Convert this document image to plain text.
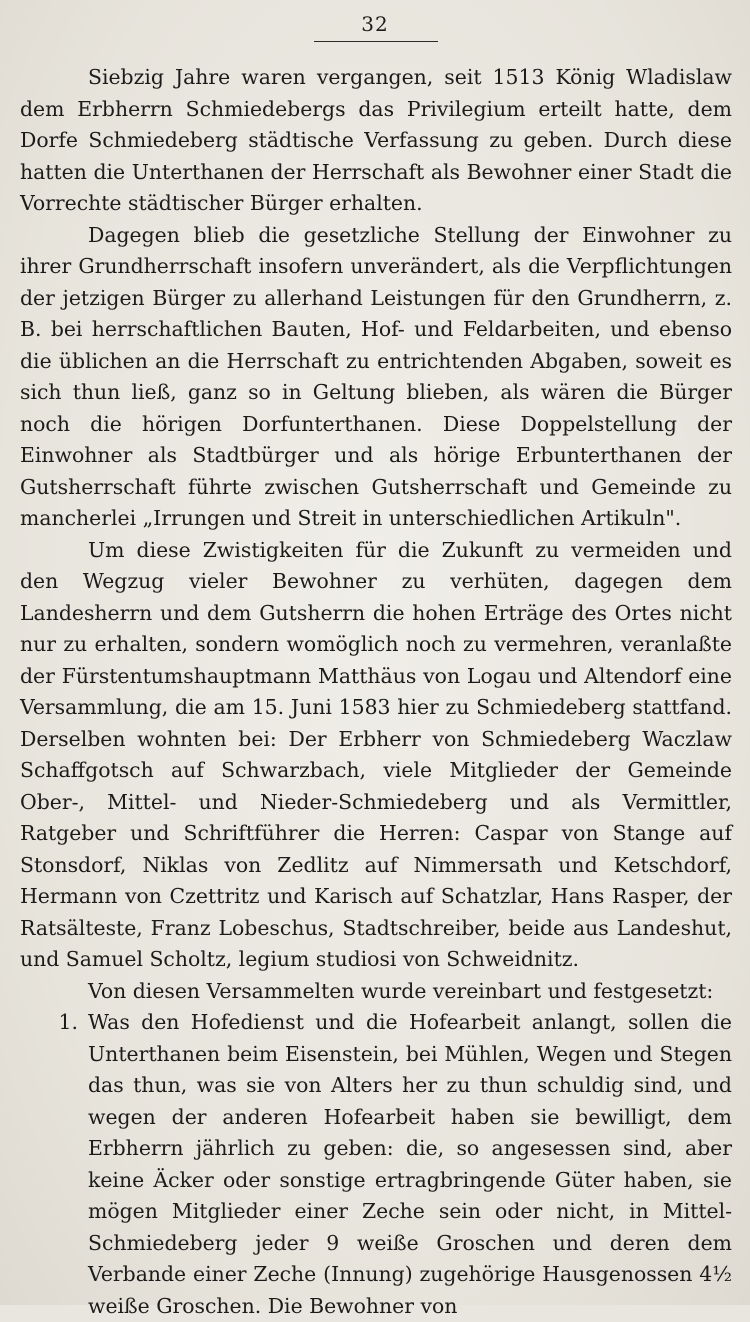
32

Siebzig Jahre waren vergangen, seit 1513 König Wladislaw dem Erbherrn Schmiedebergs das Privilegium erteilt hatte, dem Dorfe Schmiedeberg städtische Verfassung zu geben. Durch diese hatten die Unterthanen der Herrschaft als Bewohner einer Stadt die Vorrechte städtischer Bürger erhalten.

Dagegen blieb die gesetzliche Stellung der Einwohner zu ihrer Grundherrschaft insofern unverändert, als die Verpflichtungen der jetzigen Bürger zu allerhand Leistungen für den Grundherrn, z. B. bei herrschaftlichen Bauten, Hof- und Feldarbeiten, und ebenso die üblichen an die Herrschaft zu entrichtenden Abgaben, soweit es sich thun ließ, ganz so in Geltung blieben, als wären die Bürger noch die hörigen Dorfunterthanen. Diese Doppelstellung der Einwohner als Stadtbürger und als hörige Erbunterthanen der Gutsherrschaft führte zwischen Gutsherrschaft und Gemeinde zu mancherlei „Irrungen und Streit in unterschiedlichen Artikuln".

Um diese Zwistigkeiten für die Zukunft zu vermeiden und den Wegzug vieler Bewohner zu verhüten, dagegen dem Landesherrn und dem Gutsherrn die hohen Erträge des Ortes nicht nur zu erhalten, sondern womöglich noch zu vermehren, veranlaßte der Fürstentumshauptmann Matthäus von Logau und Altendorf eine Versammlung, die am 15. Juni 1583 hier zu Schmiedeberg stattfand. Derselben wohnten bei: Der Erbherr von Schmiedeberg Waczlaw Schaffgotsch auf Schwarzbach, viele Mitglieder der Gemeinde Ober-, Mittel- und Nieder-Schmiedeberg und als Vermittler, Ratgeber und Schriftführer die Herren: Caspar von Stange auf Stonsdorf, Niklas von Zedlitz auf Nimmersath und Ketschdorf, Hermann von Czettritz und Karisch auf Schatzlar, Hans Rasper, der Ratsälteste, Franz Lobeschus, Stadtschreiber, beide aus Landeshut, und Samuel Scholtz, legium studiosi von Schweidnitz.

Von diesen Versammelten wurde vereinbart und festgesetzt:

1. Was den Hofedienst und die Hofearbeit anlangt, sollen die Unterthanen beim Eisenstein, bei Mühlen, Wegen und Stegen das thun, was sie von Alters her zu thun schuldig sind, und wegen der anderen Hofearbeit haben sie bewilligt, dem Erbherrn jährlich zu geben: die, so angesessen sind, aber keine Äcker oder sonstige ertragbringende Güter haben, sie mögen Mitglieder einer Zeche sein oder nicht, in Mittel-Schmiedeberg jeder 9 weiße Groschen und deren dem Verbande einer Zeche (Innung) zugehörige Hausgenossen 4½ weiße Groschen. Die Bewohner von
